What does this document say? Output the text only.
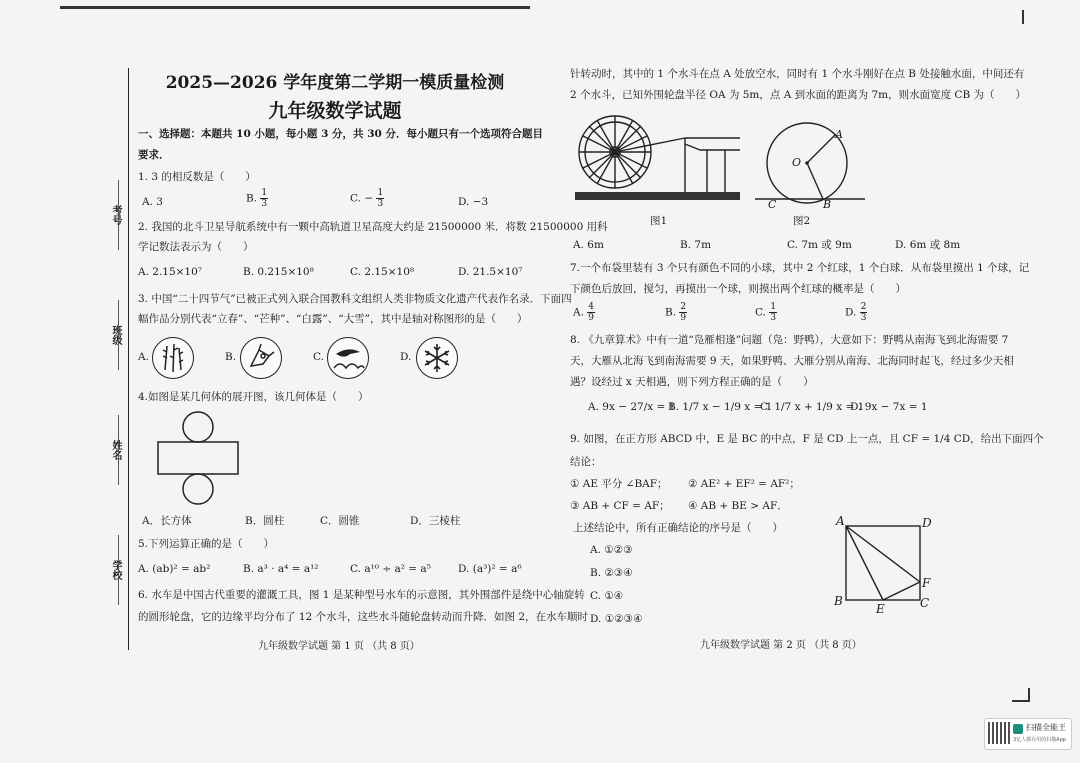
考号
班级
姓名
学校
2025—2026 学年度第二学期一模质量检测
九年级数学试题
一、选择题：本题共 10 小题，每小题 3 分，共 30 分．每小题只有一个选项符合题目
要求．
1. 3 的相反数是（　　）
A. 3	B. $\frac{1}{3}$	C. − $\frac{1}{3}$	D. −3
2. 我国的北斗卫星导航系统中有一颗中高轨道卫星高度大约是 21500000 米．将数 21500000 用科
学记数法表示为（　　）
A. 2.15×10⁷	B. 0.215×10⁸	C. 2.15×10⁸	D. 21.5×10⁷
3. 中国“二十四节气”已被正式列入联合国教科文组织人类非物质文化遗产代表作名录．下面四
幅作品分别代表“立春”、“芒种”、“白露”、“大雪”，其中是轴对称图形的是（　　）
A.	B.	C.	D.
4.如图是某几何体的展开图，该几何体是（　　）
A．长方体	B．圆柱	C．圆锥	D．三棱柱
5.下列运算正确的是（　　）
A. (ab)² = ab²	B. a³ · a⁴ = a¹²	C. a¹⁰ ÷ a² = a⁵	D. (a³)² = a⁶
6. 水车是中国古代重要的灌溉工具，图 1 是某种型号水车的示意图，其外围部件是绕中心轴旋转
的圆形轮盘，它的边缘平均分布了 12 个水斗，这些水斗随轮盘转动而升降．如图 2，在水车顺时
九年级数学试题 第 1 页 （共 8 页）
针转动时，其中的 1 个水斗在点 A 处放空水，同时有 1 个水斗刚好在点 B 处接触水面，中间还有
2 个水斗，已知外围轮盘半径 OA 为 5m，点 A 到水面的距离为 7m，则水面宽度 CB 为（　　）
图1
O
A
C	B
图2
A. 6m	B. 7m	C. 7m 或 9m	D. 6m 或 8m
7.一个布袋里装有 3 个只有颜色不同的小球，其中 2 个红球，1 个白球．从布袋里摸出 1 个球，记
下颜色后放回，搅匀，再摸出一个球，则摸出两个红球的概率是（　　）
A. $\frac{4}{9}$	B. $\frac{2}{9}$	C. $\frac{1}{3}$	D. $\frac{2}{3}$
8. 《九章算术》中有一道“凫雁相逢”问题（凫：野鸭），大意如下：野鸭从南海飞到北海需要 7
天，大雁从北海飞到南海需要 9 天，如果野鸭、大雁分别从南海、北海同时起飞，经过多少天相
遇？设经过 x 天相遇，则下列方程正确的是（　　）
A. 9x − 27/x = 1
B. 1/7 x − 1/9 x = 1
C. 1/7 x + 1/9 x = 1
D. 9x − 7x = 1
9. 如图，在正方形 ABCD 中，E 是 BC 的中点，F 是 CD 上一点，且 CF = 1/4 CD，给出下面四个
结论：
① AE 平分 ∠BAF； ② AE² + EF² = AF²；
③ AB + CF = AF； ④ AB + BE > AF．
上述结论中，所有正确结论的序号是（　　）
A. ①②③
B. ②③④
C. ①④
D. ①②③④
A	D
F
B	C
E
九年级数学试题 第 2 页 （共 8 页）
扫描全能王
3亿人都在用的扫描App
